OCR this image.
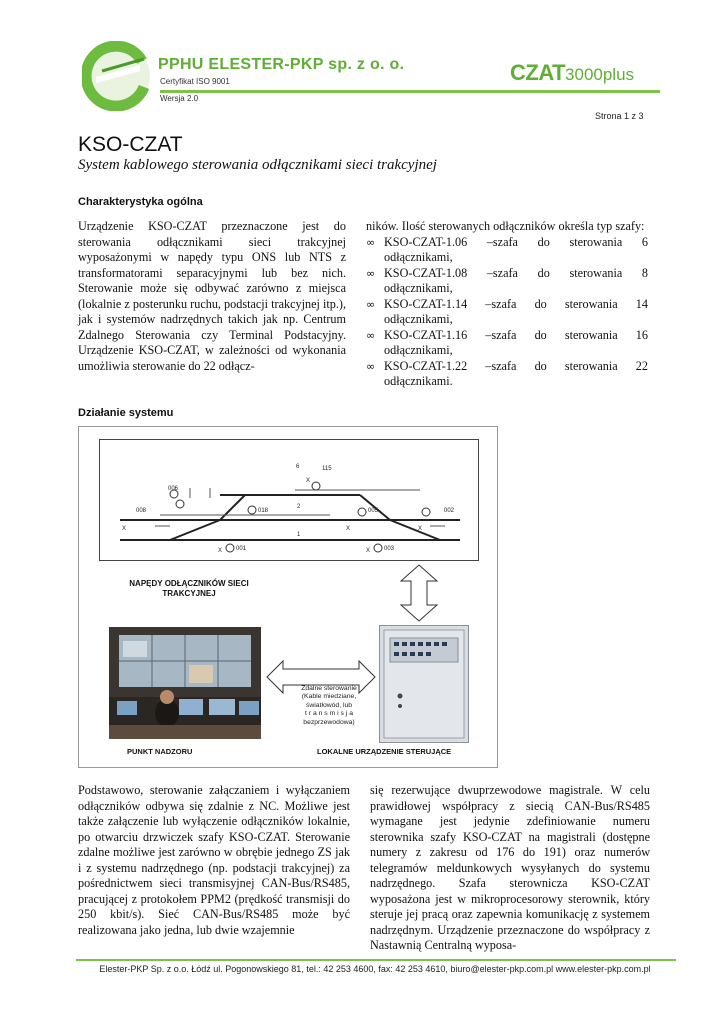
PPHU ELESTER-PKP sp. z o. o.
Certyfikat ISO 9001
Wersja 2.0
CZAT3000plus
Strona 1 z 3
KSO-CZAT
System kablowego sterowania odłącznikami sieci trakcyjnej
Charakterystyka ogólna
Urządzenie KSO-CZAT przeznaczone jest do sterowania odłącznikami sieci trakcyjnej wyposażonymi w napędy typu ONS lub NTS z transformatorami separacyjnymi lub bez nich. Sterowanie może się odbywać zarówno z miejsca (lokalnie z posterunku ruchu, podstacji trakcyjnej itp.), jak i systemów nadrzędnych takich jak np. Centrum Zdalnego Sterowania czy Terminal Podstacyjny. Urządzenie KSO-CZAT, w zależności od wykonania umożliwia sterowanie do 22 odłącz-
ników. Ilość sterowanych odłączników określa typ szafy:
∞ KSO-CZAT-1.06 –szafa do sterowania 6 odłącznikami,
∞ KSO-CZAT-1.08 –szafa do sterowania 8 odłącznikami,
∞ KSO-CZAT-1.14 –szafa do sterowania 14 odłącznikami,
∞ KSO-CZAT-1.16 –szafa do sterowania 16 odłącznikami,
∞ KSO-CZAT-1.22 –szafa do sterowania 22 odłącznikami.
Działanie systemu
6
2
1
115
008
006
018	005	002
001	003
X
X	X	X
X	X
NAPĘDY ODŁĄCZNIKÓW SIECI TRAKCYJNEJ
Zdalne sterowanie
(Kable miedziane,
światłowód, lub
t r a n s m i s j a
bezprzewodowa)
PUNKT NADZORU	LOKALNE URZĄDZENIE STERUJĄCE
Podstawowo, sterowanie załączaniem i wyłączaniem odłączników odbywa się zdalnie z NC. Możliwe jest także załączenie lub wyłączenie odłączników lokalnie, po otwarciu drzwiczek szafy KSO-CZAT. Sterowanie zdalne możliwe jest zarówno w obrębie jednego ZS jak i z systemu nadrzędnego (np. podstacji trakcyjnej) za pośrednictwem sieci transmisyjnej CAN-Bus/RS485, pracującej z protokołem PPM2 (prędkość transmisji do 250 kbit/s). Sieć CAN-Bus/RS485 może być realizowana jako jedna, lub dwie wzajemnie
się rezerwujące dwuprzewodowe magistrale. W celu prawidłowej współpracy z siecią CAN-Bus/RS485 wymagane jest jedynie zdefiniowanie numeru sterownika szafy KSO-CZAT na magistrali (dostępne numery z zakresu od 176 do 191) oraz numerów telegramów meldunkowych wysyłanych do systemu nadrzędnego. Szafa sterownicza KSO-CZAT wyposażona jest w mikroprocesorowy sterownik, który steruje jej pracą oraz zapewnia komunikację z systemem nadrzędnym. Urządzenie przeznaczone do współpracy z Nastawnią Centralną wyposa-
Elester-PKP Sp. z o.o. Łódź ul. Pogonowskiego 81, tel.: 42 253 4600, fax: 42 253 4610, biuro@elester-pkp.com.pl www.elester-pkp.com.pl
